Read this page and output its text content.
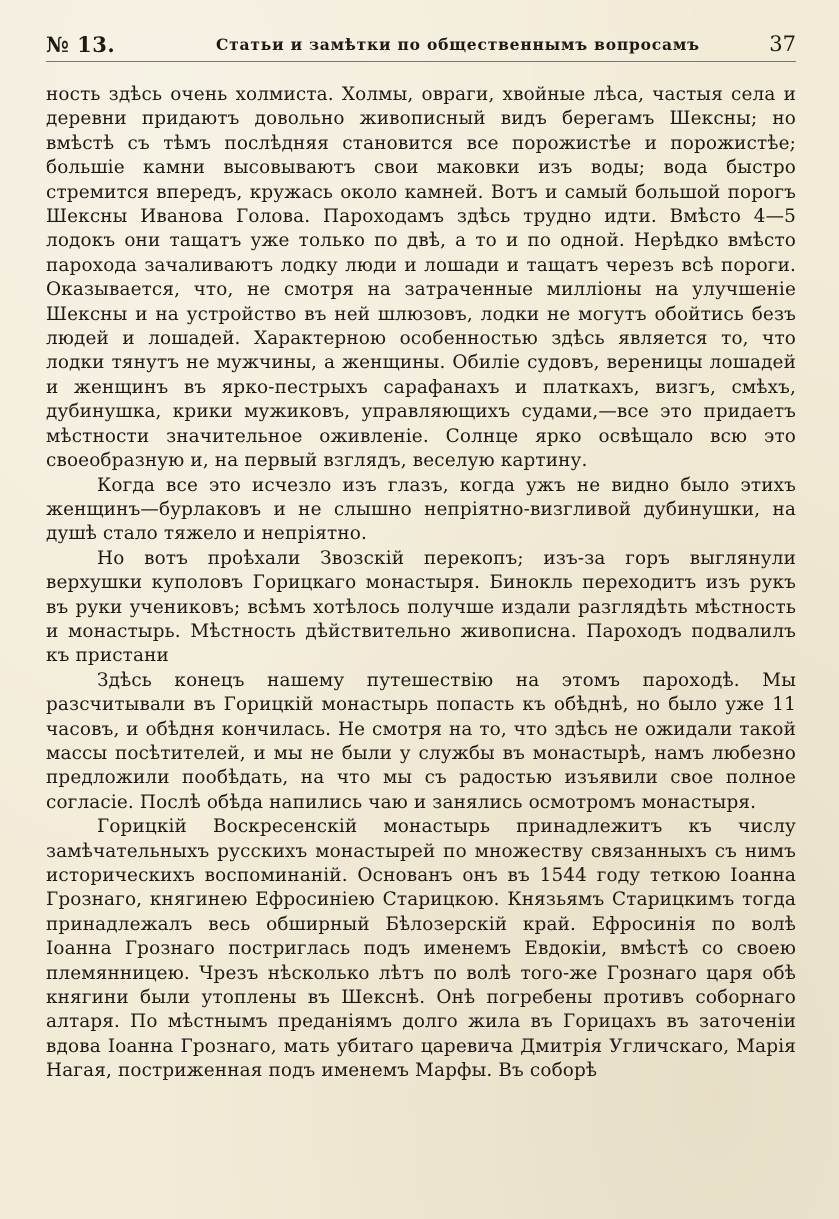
№ 13.	Статьи и замѣтки по общественнымъ вопросамъ	37

ность здѣсь очень холмиста. Холмы, овраги, хвойные лѣса, частыя села и деревни придаютъ довольно живописный видъ берегамъ Шексны; но вмѣстѣ съ тѣмъ послѣдняя становится все порожистѣе и порожистѣе; большіе камни высовываютъ свои маковки изъ воды; вода быстро стремится впередъ, кружась около камней. Вотъ и самый большой порогъ Шексны Иванова Голова. Пароходамъ здѣсь трудно идти. Вмѣсто 4—5 лодокъ они тащатъ уже только по двѣ, а то и по одной. Нерѣдко вмѣсто парохода зачаливаютъ лодку люди и лошади и тащатъ черезъ всѣ пороги. Оказывается, что, не смотря на затраченные милліоны на улучшеніе Шексны и на устройство въ ней шлюзовъ, лодки не могутъ обойтись безъ людей и лошадей. Характерною особенностью здѣсь является то, что лодки тянутъ не мужчины, а женщины. Обиліе судовъ, вереницы лошадей и женщинъ въ ярко-пестрыхъ сарафанахъ и платкахъ, визгъ, смѣхъ, дубинушка, крики мужиковъ, управляющихъ судами,—все это придаетъ мѣстности значительное оживленіе. Солнце ярко освѣщало всю это своеобразную и, на первый взглядъ, веселую картину.

Когда все это исчезло изъ глазъ, когда ужъ не видно было этихъ женщинъ—бурлаковъ и не слышно непріятно-визгливой дубинушки, на душѣ стало тяжело и непріятно.

Но вотъ проѣхали Звозскій перекопъ; изъ-за горъ выглянули верхушки куполовъ Горицкаго монастыря. Бинокль переходитъ изъ рукъ въ руки учениковъ; всѣмъ хотѣлось получше издали разглядѣть мѣстность и монастырь. Мѣстность дѣйствительно живописна. Пароходъ подвалилъ къ пристани

Здѣсь конецъ нашему путешествію на этомъ пароходѣ. Мы разсчитывали въ Горицкій монастырь попасть къ обѣднѣ, но было уже 11 часовъ, и обѣдня кончилась. Не смотря на то, что здѣсь не ожидали такой массы посѣтителей, и мы не были у службы въ монастырѣ, намъ любезно предложили пообѣдать, на что мы съ радостью изъявили свое полное согласіе. Послѣ обѣда напились чаю и занялись осмотромъ монастыря.

Горицкій Воскресенскій монастырь принадлежитъ къ числу замѣчательныхъ русскихъ монастырей по множеству связанныхъ съ нимъ историческихъ воспоминаній. Основанъ онъ въ 1544 году теткою Іоанна Грознаго, княгинею Ефросиніею Старицкою. Князьямъ Старицкимъ тогда принадлежалъ весь обширный Бѣлозерскій край. Ефросинія по волѣ Іоанна Грознаго постриглась подъ именемъ Евдокіи, вмѣстѣ со своею племянницею. Чрезъ нѣсколько лѣтъ по волѣ того-же Грознаго царя обѣ княгини были утоплены въ Шекснѣ. Онѣ погребены противъ соборнаго алтаря. По мѣстнымъ преданіямъ долго жила въ Горицахъ въ заточеніи вдова Іоанна Грознаго, мать убитаго царевича Дмитрія Угличскаго, Марія Нагая, постриженная подъ именемъ Марфы. Въ соборѣ
